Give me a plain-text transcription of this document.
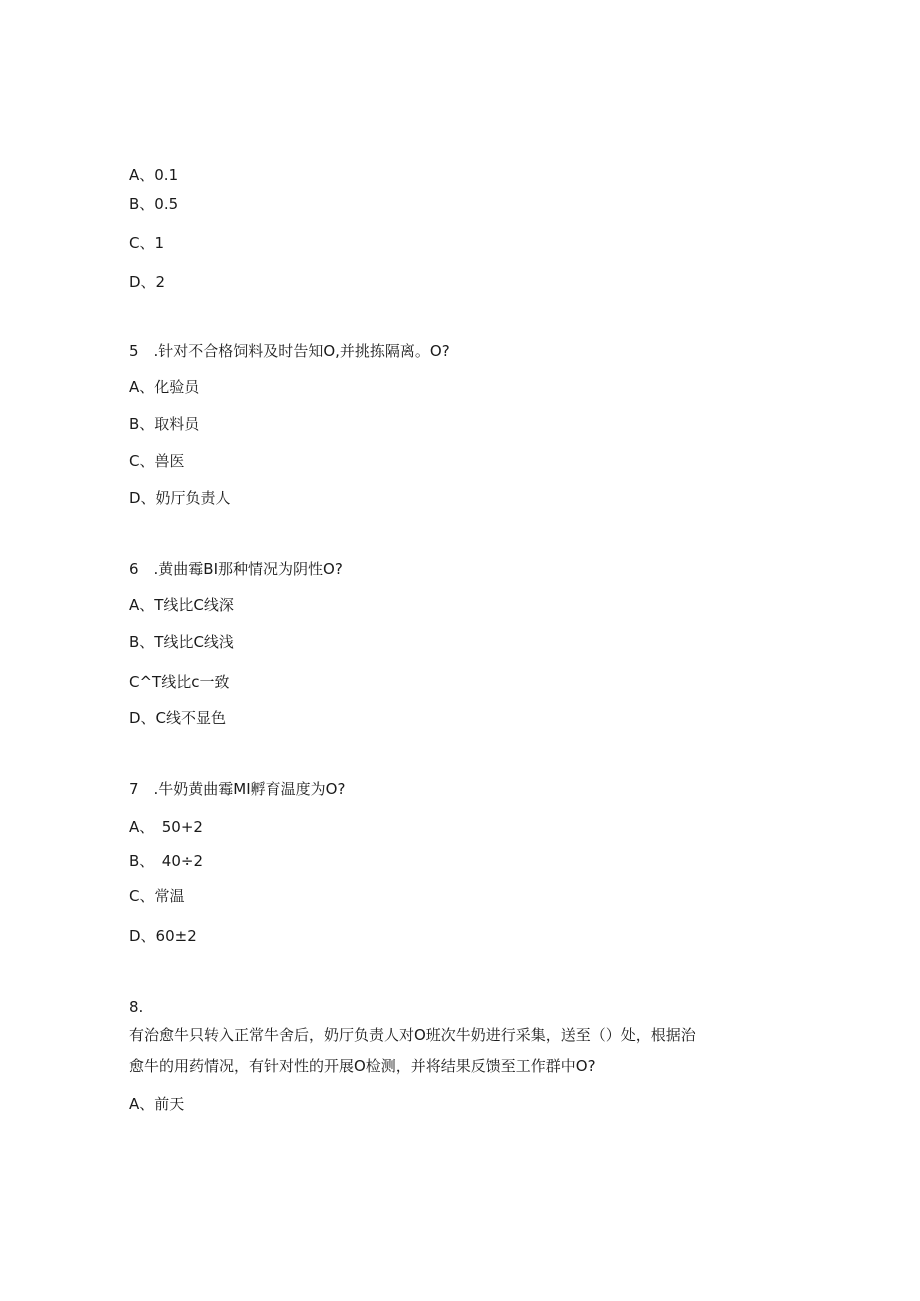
A、0.1
B、0.5
C、1
D、2
5　.针对不合格饲料及时告知O,并挑拣隔离。O?
A、化验员
B、取料员
C、兽医
D、奶厅负责人
6　.黄曲霉BI那种情况为阴性O?
A、T线比C线深
B、T线比C线浅
C^T线比c一致
D、C线不显色
7　.牛奶黄曲霉MI孵育温度为O?
A、　50+2
B、　40÷2
C、常温
D、60±2
8.
有治愈牛只转入正常牛舍后，奶厅负责人对O班次牛奶进行采集，送至（）处，根据治
愈牛的用药情况，有针对性的开展O检测，并将结果反馈至工作群中O?
A、前天
